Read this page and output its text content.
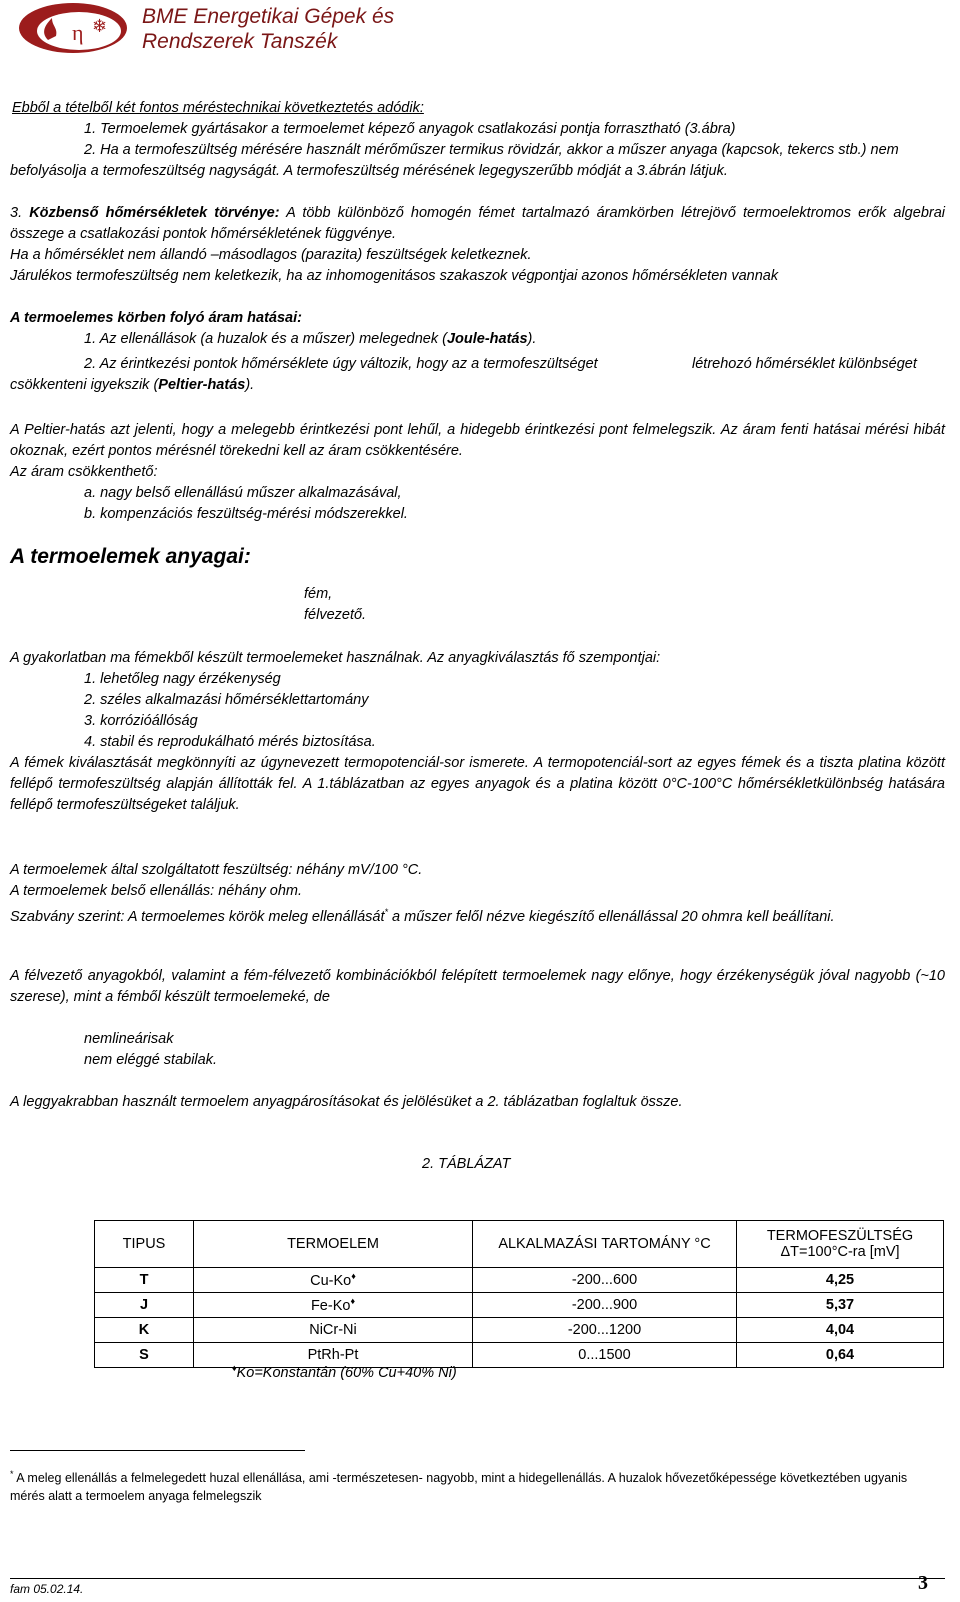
η ❄ BME Energetikai Gépek és
Rendszerek Tanszék
Ebből a tételből két fontos méréstechnikai következtetés adódik:
1. Termoelemek gyártásakor a termoelemet képező anyagok csatlakozási pontja forrasztható (3.ábra)
2. Ha a termofeszültség mérésére használt mérőműszer termikus rövidzár, akkor a műszer anyaga (kapcsok, tekercs stb.) nem
befolyásolja a termofeszültség nagyságát. A termofeszültség mérésének legegyszerűbb módját a 3.ábrán látjuk.
3. Közbenső hőmérsékletek törvénye: A több különböző homogén fémet tartalmazó áramkörben létrejövő termoelektromos erők algebrai összege a csatlakozási pontok hőmérsékletének függvénye.
Ha a hőmérséklet nem állandó –másodlagos (parazita) feszültségek keletkeznek.
Járulékos termofeszültség nem keletkezik, ha az inhomogenitásos szakaszok végpontjai azonos hőmérsékleten vannak
A termoelemes körben folyó áram hatásai:
1. Az ellenállások (a huzalok és a műszer) melegednek (Joule-hatás).
2. Az érintkezési pontok hőmérséklete úgy változik, hogy az a termofeszültséget	létrehozó hőmérséklet különbséget
csökkenteni igyekszik (Peltier-hatás).
A Peltier-hatás azt jelenti, hogy a melegebb érintkezési pont lehűl, a hidegebb érintkezési pont felmelegszik. Az áram fenti hatásai mérési hibát okoznak, ezért pontos mérésnél törekedni kell az áram csökkentésére.
Az áram csökkenthető:
a. nagy belső ellenállású műszer alkalmazásával,
b. kompenzációs feszültség-mérési módszerekkel.
A termoelemek anyagai:
fém,
félvezető.
A gyakorlatban ma fémekből készült termoelemeket használnak. Az anyagkiválasztás fő szempontjai:
1. lehetőleg nagy érzékenység
2. széles alkalmazási hőmérséklettartomány
3. korrózióállóság
4. stabil és reprodukálható mérés biztosítása.
A fémek kiválasztását megkönnyíti az úgynevezett termopotenciál-sor ismerete. A termopotenciál-sort az egyes fémek és a tiszta platina között fellépő termofeszültség alapján állították fel. A 1.táblázatban az egyes anyagok és a platina között 0°C-100°C hőmérsékletkülönbség hatására fellépő termofeszültségeket találjuk.
A termoelemek által szolgáltatott feszültség: néhány mV/100 °C.
A termoelemek belső ellenállás: néhány ohm.
Szabvány szerint: A termoelemes körök meleg ellenállását* a műszer felől nézve kiegészítő ellenállással 20 ohmra kell beállítani.
A félvezető anyagokból, valamint a fém-félvezető kombinációkból felépített termoelemek nagy előnye, hogy érzékenységük jóval nagyobb (~10 szerese), mint a fémből készült termoelemeké, de
nemlineárisak
nem eléggé stabilak.
A leggyakrabban használt termoelem anyagpárosításokat és jelölésüket a 2. táblázatban foglaltuk össze.
2. TÁBLÁZAT
TIPUS	TERMOELEM	ALKALMAZÁSI TARTOMÁNY °C	TERMOFESZÜLTSÉG
ΔT=100°C-ra [mV]

T	Cu-Ko♦	-200...600	4,25
J	Fe-Ko♦	-200...900	5,37
K	NiCr-Ni	-200...1200	4,04
S	PtRh-Pt	0...1500	0,64
♦Ko=Konstantán (60% Cu+40% Ni)
* A meleg ellenállás a felmelegedett huzal ellenállása, ami -természetesen- nagyobb, mint a hidegellenállás. A huzalok hővezetőképessége következtében ugyanis mérés alatt a termoelem anyaga felmelegszik
fam 05.02.14.	3
